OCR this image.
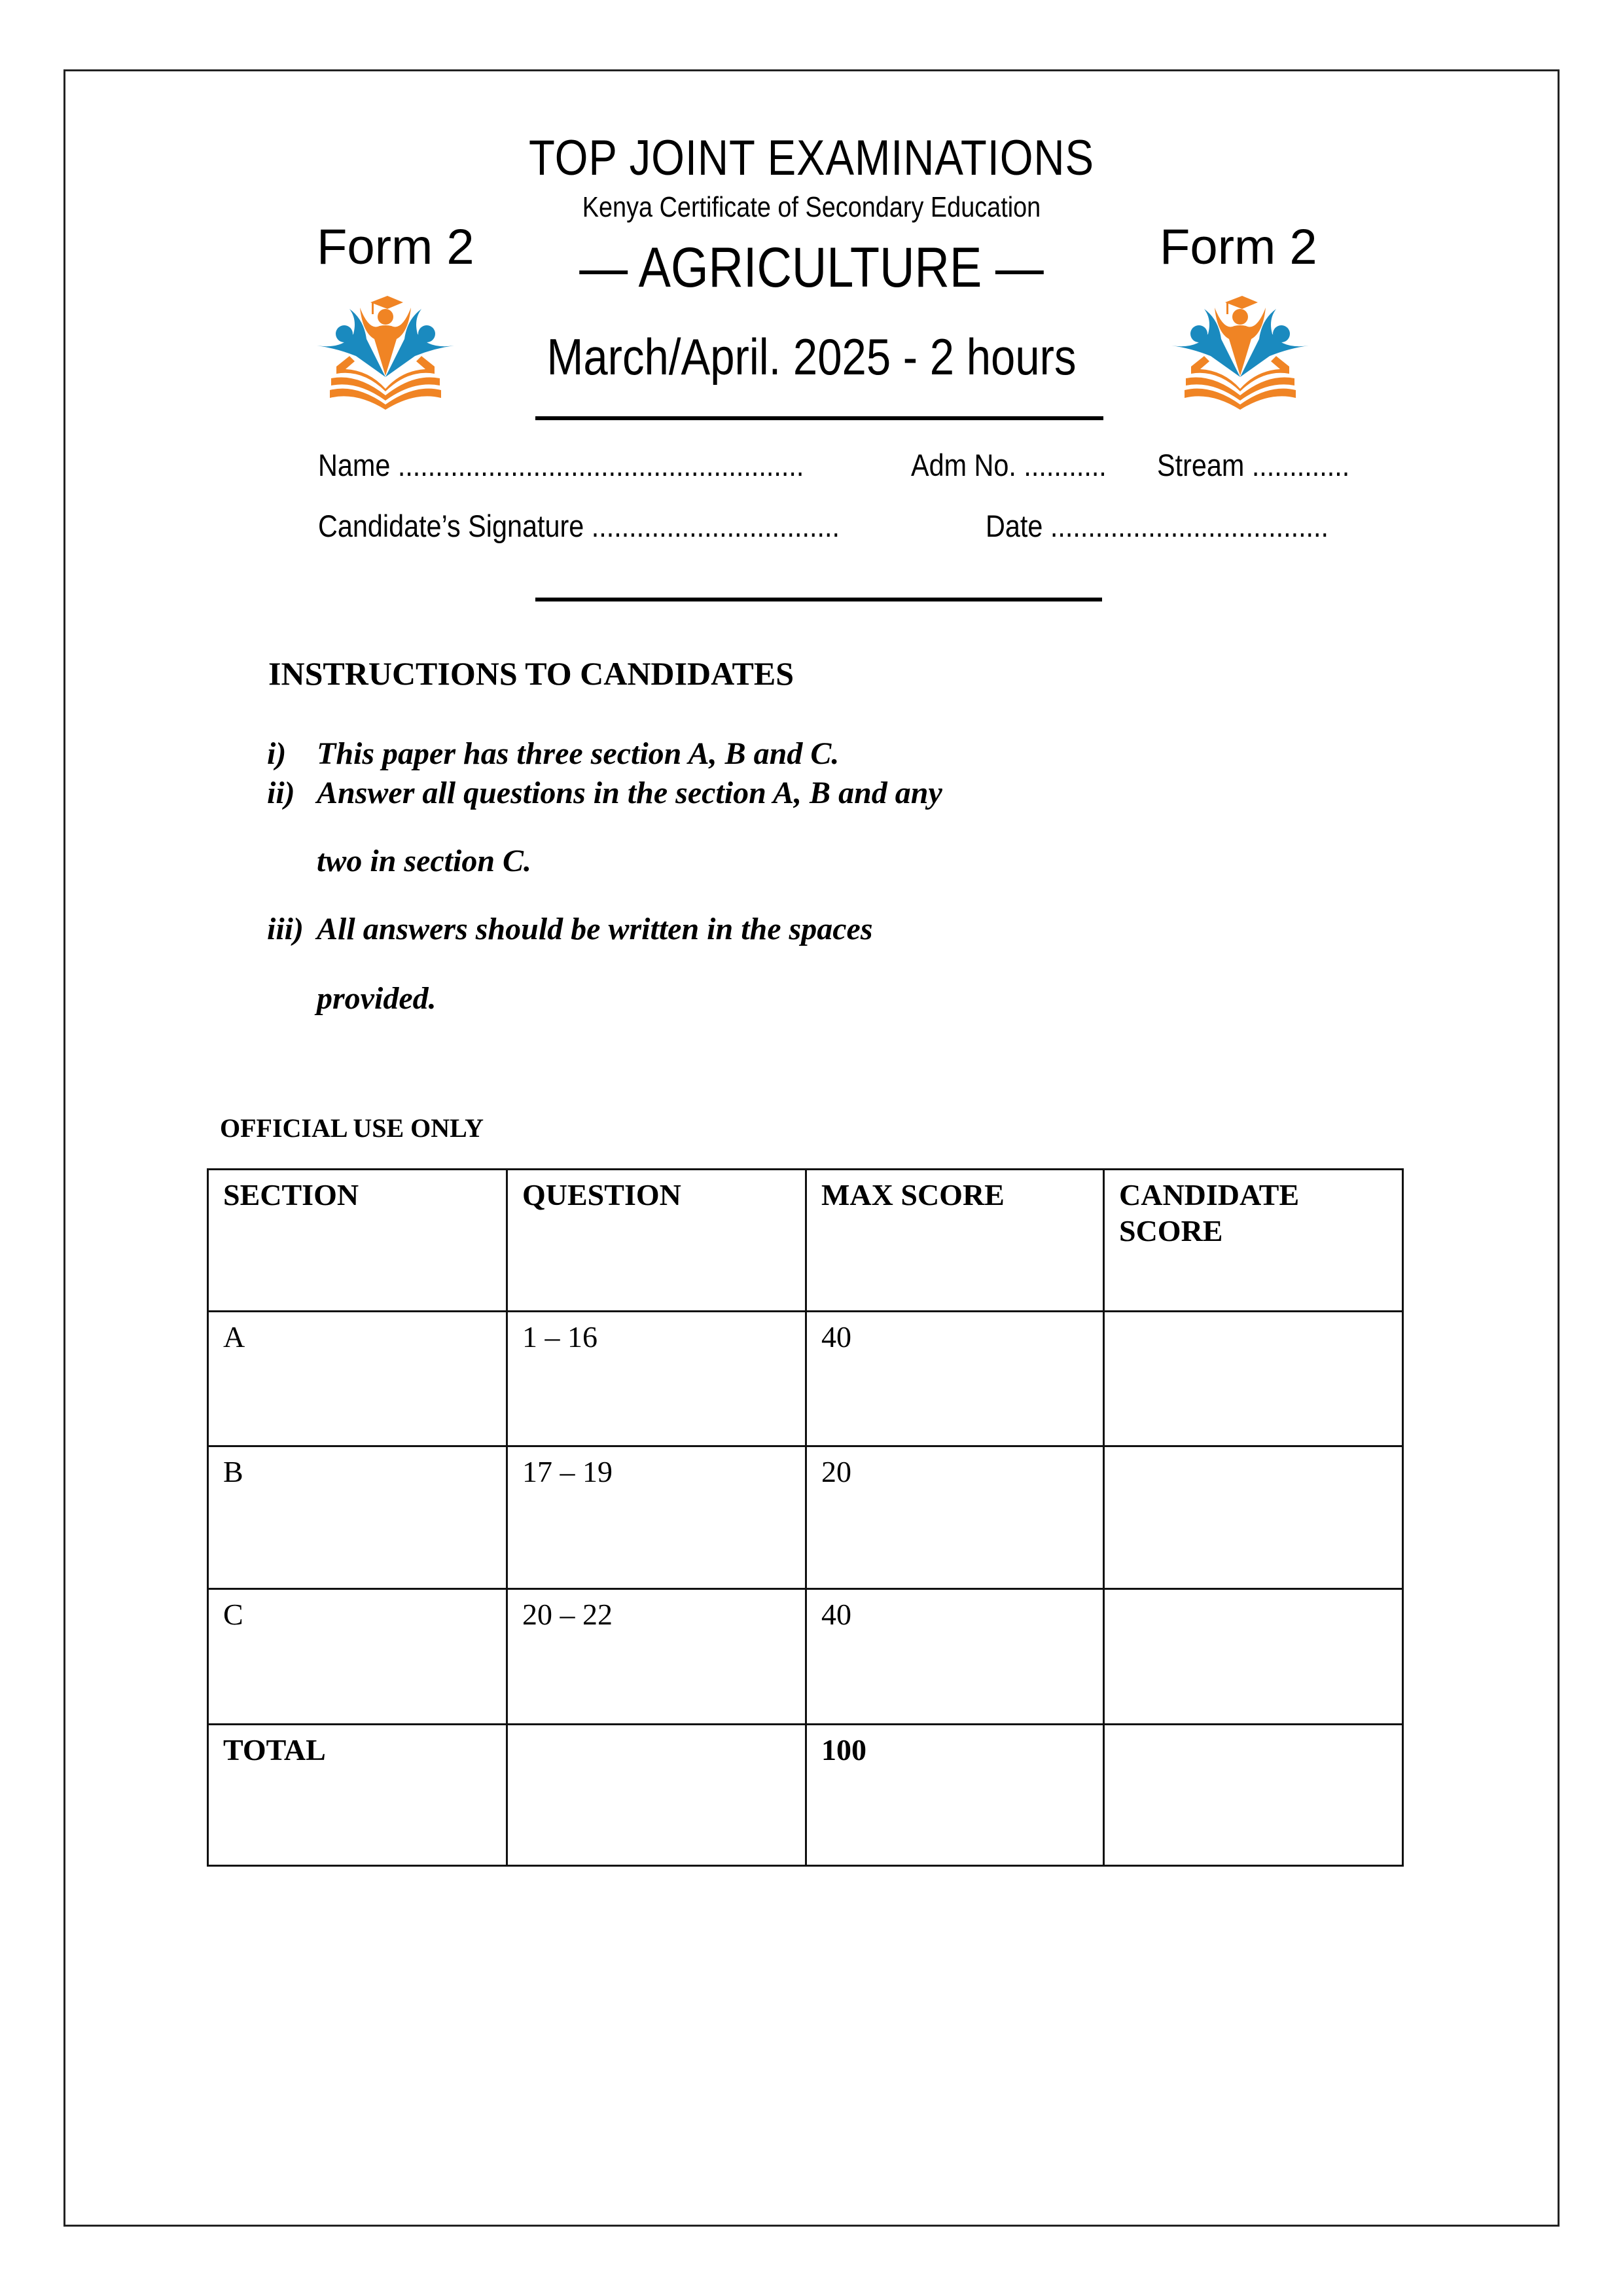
TOP JOINT EXAMINATIONS
Kenya Certificate of Secondary Education
Form 2	Form 2
— AGRICULTURE —
March/April. 2025 - 2 hours
Name ......................................................	Adm No. ........... Stream .............
Candidate’s Signature .................................	Date .....................................
INSTRUCTIONS TO CANDIDATES
i) This paper has three section A, B and C.
ii) Answer all questions in the section A, B and any
two in section C.
iii) All answers should be written in the spaces
provided.
OFFICIAL USE ONLY
SECTION	QUESTION	MAX SCORE	CANDIDATE
SCORE

A	1 – 16	40	
B	17 – 19	20	
C	20 – 22	40	
TOTAL		100	
